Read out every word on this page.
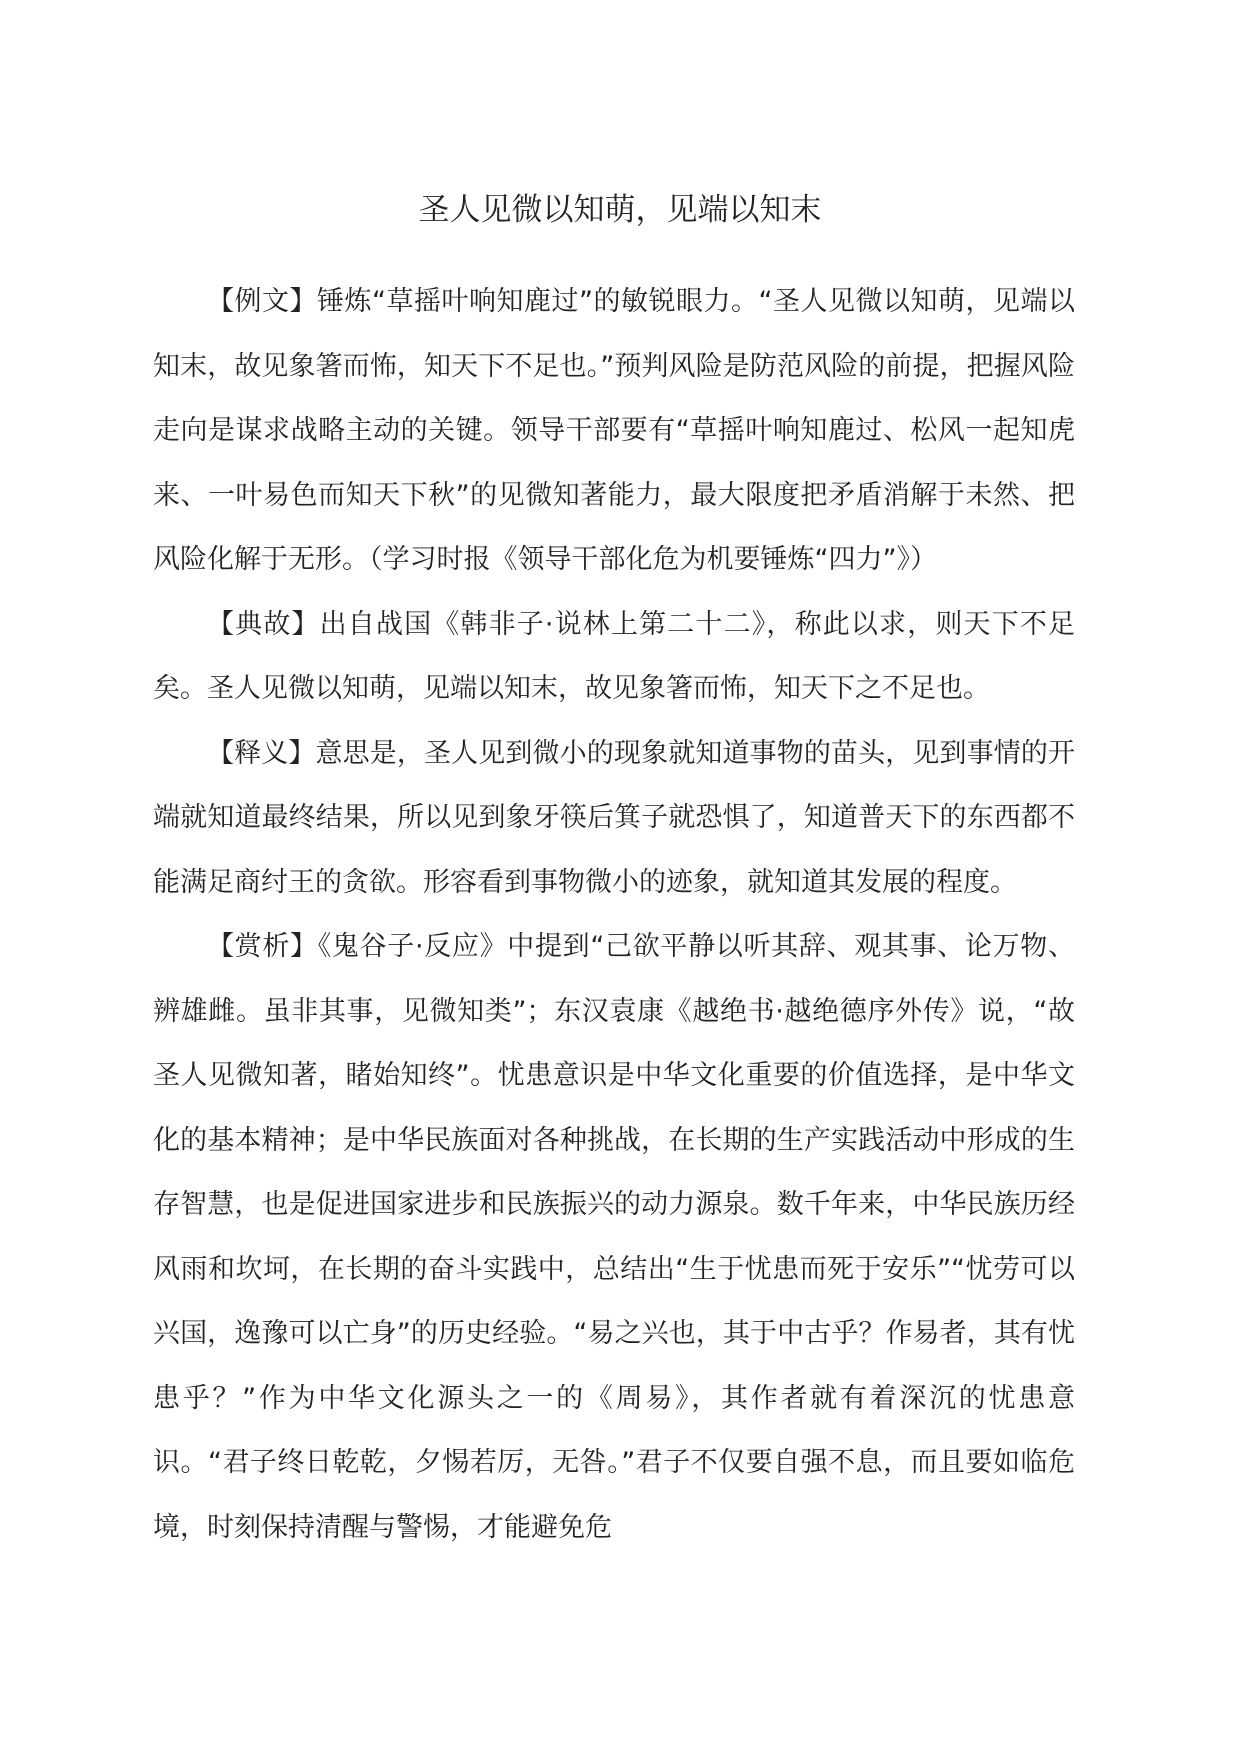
圣人见微以知萌，见端以知末

【例文】锤炼“草摇叶响知鹿过”的敏锐眼力。“圣人见微以知萌，见端以知末，故见象箸而怖，知天下不足也。”预判风险是防范风险的前提，把握风险走向是谋求战略主动的关键。领导干部要有“草摇叶响知鹿过、松风一起知虎来、一叶易色而知天下秋”的见微知著能力，最大限度把矛盾消解于未然、把风险化解于无形。（学习时报《领导干部化危为机要锤炼“四力”》）

【典故】出自战国《韩非子·说林上第二十二》，称此以求，则天下不足矣。圣人见微以知萌，见端以知末，故见象箸而怖，知天下之不足也。

【释义】意思是，圣人见到微小的现象就知道事物的苗头，见到事情的开端就知道最终结果，所以见到象牙筷后箕子就恐惧了，知道普天下的东西都不能满足商纣王的贪欲。形容看到事物微小的迹象，就知道其发展的程度。

【赏析】《鬼谷子·反应》中提到“己欲平静以听其辞、观其事、论万物、辨雄雌。虽非其事，见微知类”；东汉袁康《越绝书·越绝德序外传》说，“故圣人见微知著，睹始知终”。忧患意识是中华文化重要的价值选择，是中华文化的基本精神；是中华民族面对各种挑战，在长期的生产实践活动中形成的生存智慧，也是促进国家进步和民族振兴的动力源泉。数千年来，中华民族历经风雨和坎坷，在长期的奋斗实践中，总结出“生于忧患而死于安乐”“忧劳可以兴国，逸豫可以亡身”的历史经验。“易之兴也，其于中古乎？作易者，其有忧患乎？”作为中华文化源头之一的《周易》，其作者就有着深沉的忧患意识。“君子终日乾乾，夕惕若厉，无咎。”君子不仅要自强不息，而且要如临危境，时刻保持清醒与警惕，才能避免危
